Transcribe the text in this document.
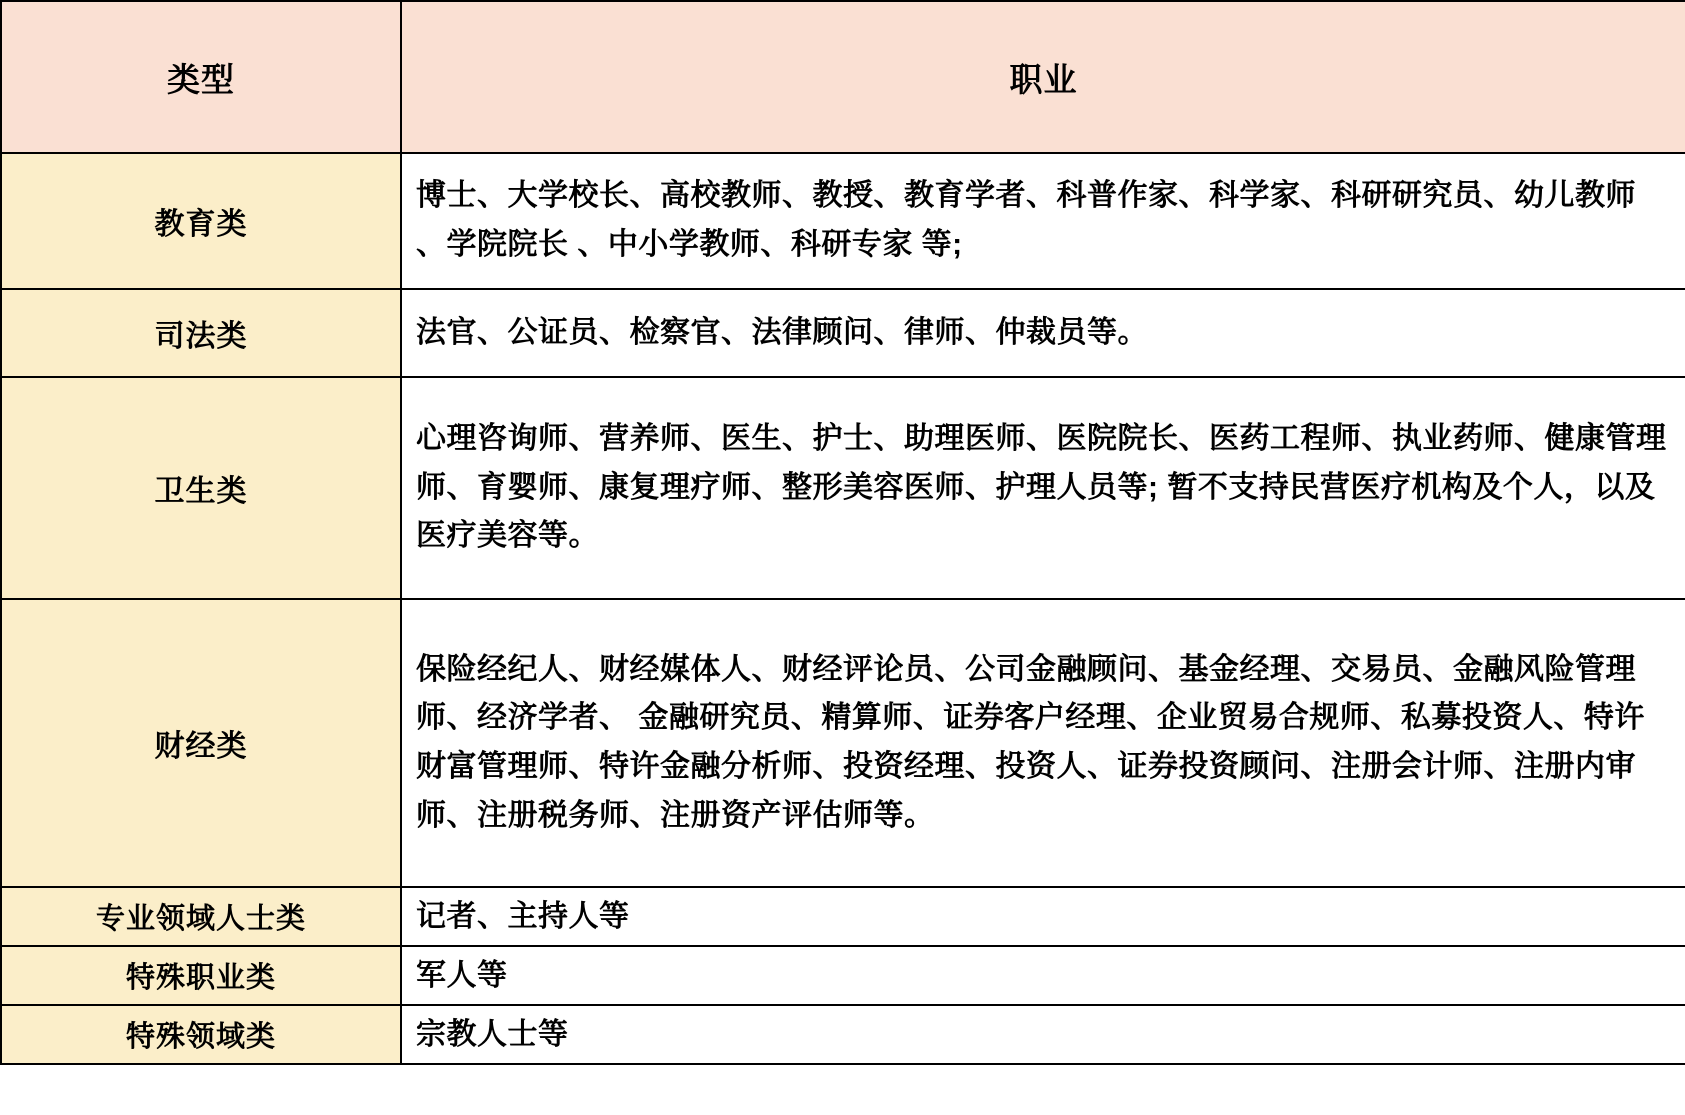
类型	职业
教育类	博士、大学校长、高校教师、教授、教育学者、科普作家、科学家、科研研究员、幼儿教师 、学院院长 、中小学教师、科研专家 等;
司法类	法官、公证员、检察官、法律顾问、律师、仲裁员等。
卫生类	心理咨询师、营养师、医生、护士、助理医师、医院院长、医药工程师、执业药师、健康管理师、育婴师、康复理疗师、整形美容医师、护理人员等; 暂不支持民营医疗机构及个人，以及医疗美容等。
财经类	保险经纪人、财经媒体人、财经评论员、公司金融顾问、基金经理、交易员、金融风险管理师、经济学者、 金融研究员、精算师、证券客户经理、企业贸易合规师、私募投资人、特许财富管理师、特许金融分析师、投资经理、投资人、证券投资顾问、注册会计师、注册内审师、注册税务师、注册资产评估师等。
专业领域人士类	记者、主持人等
特殊职业类	军人等
特殊领域类	宗教人士等
